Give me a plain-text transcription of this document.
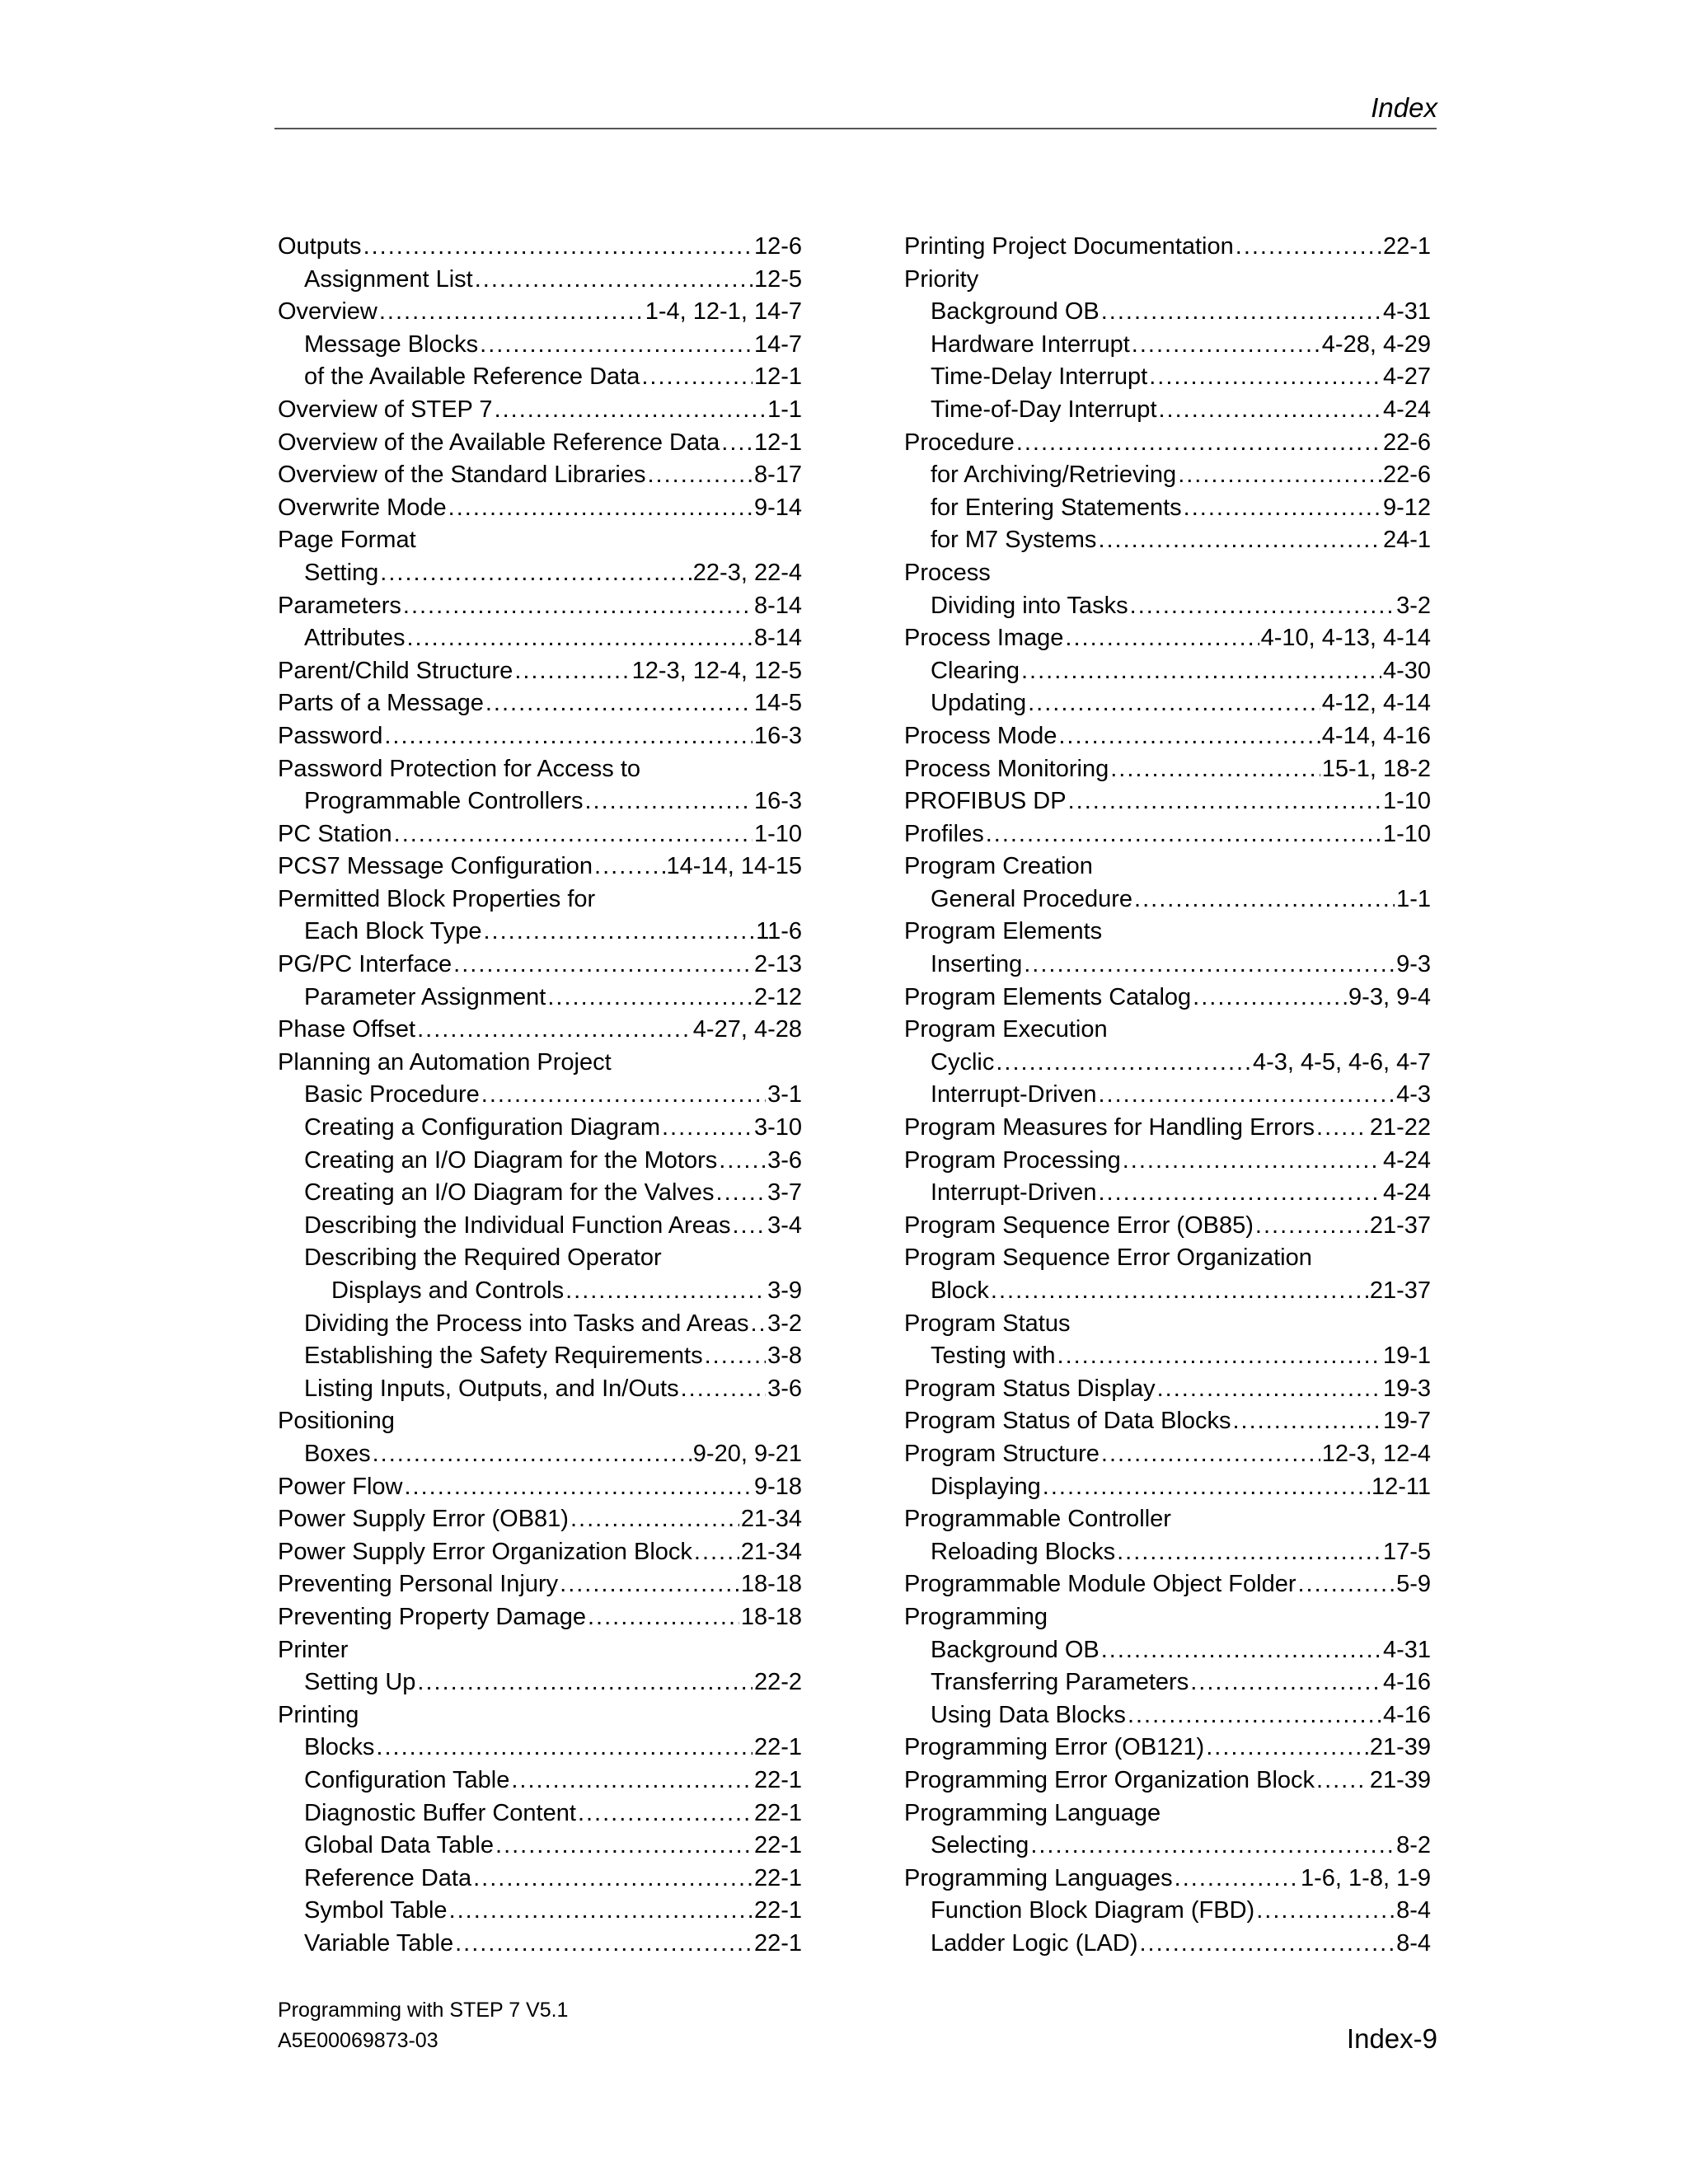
Index
Outputs .....	12-6
Assignment List .....	12-5
Overview .....	1-4, 12-1, 14-7
Message Blocks .....	14-7
of the Available Reference Data .....	12-1
Overview of STEP 7 .....	1-1
Overview of the Available Reference Data ..... 12-1
Overview of the Standard Libraries .....	8-17
Overwrite Mode .....	9-14
Page Format
Setting .....	22-3, 22-4
Parameters .....	8-14
Attributes .....	8-14
Parent/Child Structure .....	12-3, 12-4, 12-5
Parts of a Message .....	14-5
Password .....	16-3
Password Protection for Access to
Programmable Controllers .....	16-3
PC Station .....	1-10
PCS7 Message Configuration .....	14-14, 14-15
Permitted Block Properties for
Each Block Type .....	11-6
PG/PC Interface .....	2-13
Parameter Assignment .....	2-12
Phase Offset .....	4-27, 4-28
Planning an Automation Project
Basic Procedure .....	3-1
Creating a Configuration Diagram .....	3-10
Creating an I/O Diagram for the Motors ..... 3-6
Creating an I/O Diagram for the Valves ..... 3-7
Describing the Individual Function Areas ..... 3-4
Describing the Required Operator
Displays and Controls .....	3-9
Dividing the Process into Tasks and Areas ..... 3-2
Establishing the Safety Requirements .....	3-8
Listing Inputs, Outputs, and In/Outs .....	3-6
Positioning
Boxes .....	9-20, 9-21
Power Flow .....	9-18
Power Supply Error (OB81) .....	21-34
Power Supply Error Organization Block ..... 21-34
Preventing Personal Injury .....	18-18
Preventing Property Damage .....	18-18
Printer
Setting Up .....	22-2
Printing
Blocks .....	22-1
Configuration Table .....	22-1
Diagnostic Buffer Content .....	22-1
Global Data Table .....	22-1
Reference Data .....	22-1
Symbol Table .....	22-1
Variable Table .....	22-1
Printing Project Documentation .....	22-1
Priority
Background OB .....	4-31
Hardware Interrupt .....	4-28, 4-29
Time-Delay Interrupt .....	4-27
Time-of-Day Interrupt .....	4-24
Procedure .....	22-6
for Archiving/Retrieving .....	22-6
for Entering Statements .....	9-12
for M7 Systems .....	24-1
Process
Dividing into Tasks .....	3-2
Process Image .....	4-10, 4-13, 4-14
Clearing .....	4-30
Updating .....	4-12, 4-14
Process Mode .....	4-14, 4-16
Process Monitoring .....	15-1, 18-2
PROFIBUS DP .....	1-10
Profiles .....	1-10
Program Creation
General Procedure .....	1-1
Program Elements
Inserting .....	9-3
Program Elements Catalog .....	9-3, 9-4
Program Execution
Cyclic .....	4-3, 4-5, 4-6, 4-7
Interrupt-Driven .....	4-3
Program Measures for Handling Errors ..... 21-22
Program Processing .....	4-24
Interrupt-Driven .....	4-24
Program Sequence Error (OB85) .....	21-37
Program Sequence Error Organization
Block .....	21-37
Program Status
Testing with .....	19-1
Program Status Display .....	19-3
Program Status of Data Blocks .....	19-7
Program Structure .....	12-3, 12-4
Displaying .....	12-11
Programmable Controller
Reloading Blocks .....	17-5
Programmable Module Object Folder .....	5-9
Programming
Background OB .....	4-31
Transferring Parameters .....	4-16
Using Data Blocks .....	4-16
Programming Error (OB121) .....	21-39
Programming Error Organization Block ..... 21-39
Programming Language
Selecting .....	8-2
Programming Languages .....	1-6, 1-8, 1-9
Function Block Diagram (FBD) .....	8-4
Ladder Logic (LAD) .....	8-4
Programming with STEP 7 V5.1
A5E00069873-03	Index-9
